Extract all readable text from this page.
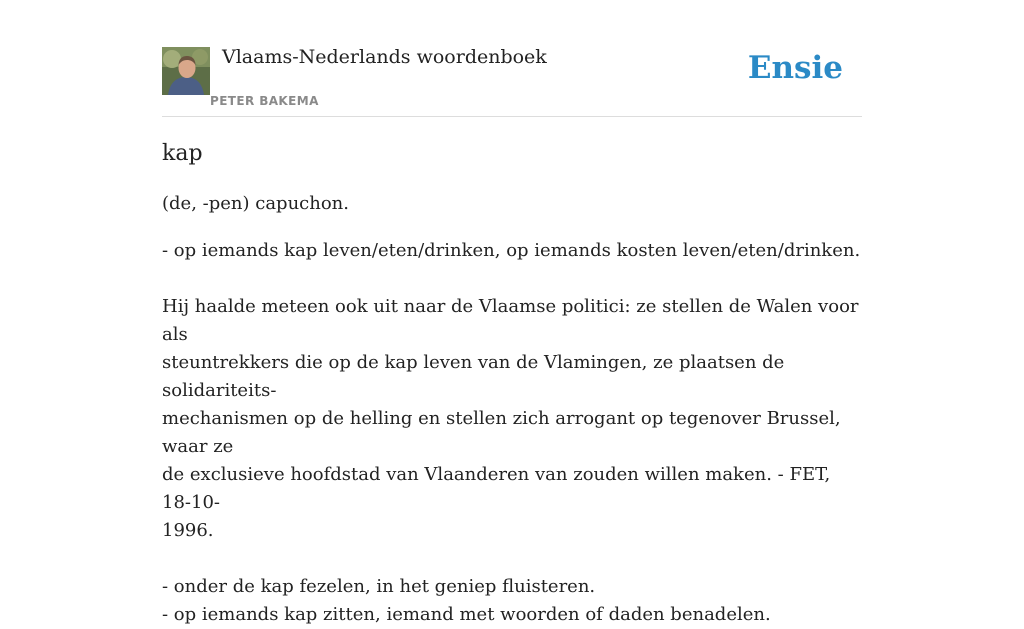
Vlaams-Nederlands woordenboek
PETER BAKEMA
Ensie
kap

(de, -pen) capuchon.

- op iemands kap leven/eten/drinken, op iemands kosten leven/eten/drinken.
Hij haalde meteen ook uit naar de Vlaamse politici: ze stellen de Walen voor als
steuntrekkers die op de kap leven van de Vlamingen, ze plaatsen de solidariteits-
mechanismen op de helling en stellen zich arrogant op tegenover Brussel, waar ze
de exclusieve hoofdstad van Vlaanderen van zouden willen maken. - FET, 18-10-
1996.
- onder de kap fezelen, in het geniep fluisteren.
- op iemands kap zitten, iemand met woorden of daden benadelen.
